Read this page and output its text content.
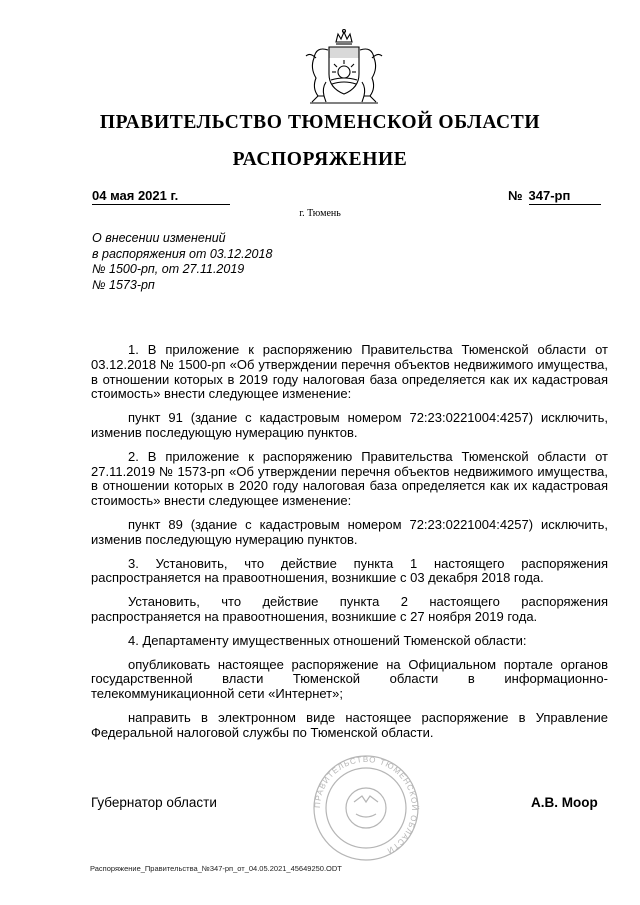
ПРАВИТЕЛЬСТВО ТЮМЕНСКОЙ ОБЛАСТИ
РАСПОРЯЖЕНИЕ
04 мая 2021 г.	№ 347-рп
г. Тюмень
О внесении изменений
в распоряжения от 03.12.2018
№ 1500-рп, от 27.11.2019
№ 1573-рп

1. В приложение к распоряжению Правительства Тюменской области от 03.12.2018 № 1500-рп «Об утверждении перечня объектов недвижимого имущества, в отношении которых в 2019 году налоговая база определяется как их кадастровая стоимость» внести следующее изменение:

пункт 91 (здание с кадастровым номером 72:23:0221004:4257) исключить, изменив последующую нумерацию пунктов.

2. В приложение к распоряжению Правительства Тюменской области от 27.11.2019 № 1573-рп «Об утверждении перечня объектов недвижимого имущества, в отношении которых в 2020 году налоговая база определяется как их кадастровая стоимость» внести следующее изменение:

пункт 89 (здание с кадастровым номером 72:23:0221004:4257) исключить, изменив последующую нумерацию пунктов.

3. Установить, что действие пункта 1 настоящего распоряжения распространяется на правоотношения, возникшие с 03 декабря 2018 года.

Установить, что действие пункта 2 настоящего распоряжения распространяется на правоотношения, возникшие с 27 ноября 2019 года.

4. Департаменту имущественных отношений Тюменской области:

опубликовать настоящее распоряжение на Официальном портале органов государственной власти Тюменской области в информационно-телекоммуникационной сети «Интернет»;

направить в электронном виде настоящее распоряжение в Управление Федеральной налоговой службы по Тюменской области.

ПРАВИТЕЛЬСТВО ТЮМЕНСКОЙ ОБЛАСТИ
Губернатор области	А.В. Моор
Распоряжение_Правительства_№347-рп_от_04.05.2021_45649250.ODT
